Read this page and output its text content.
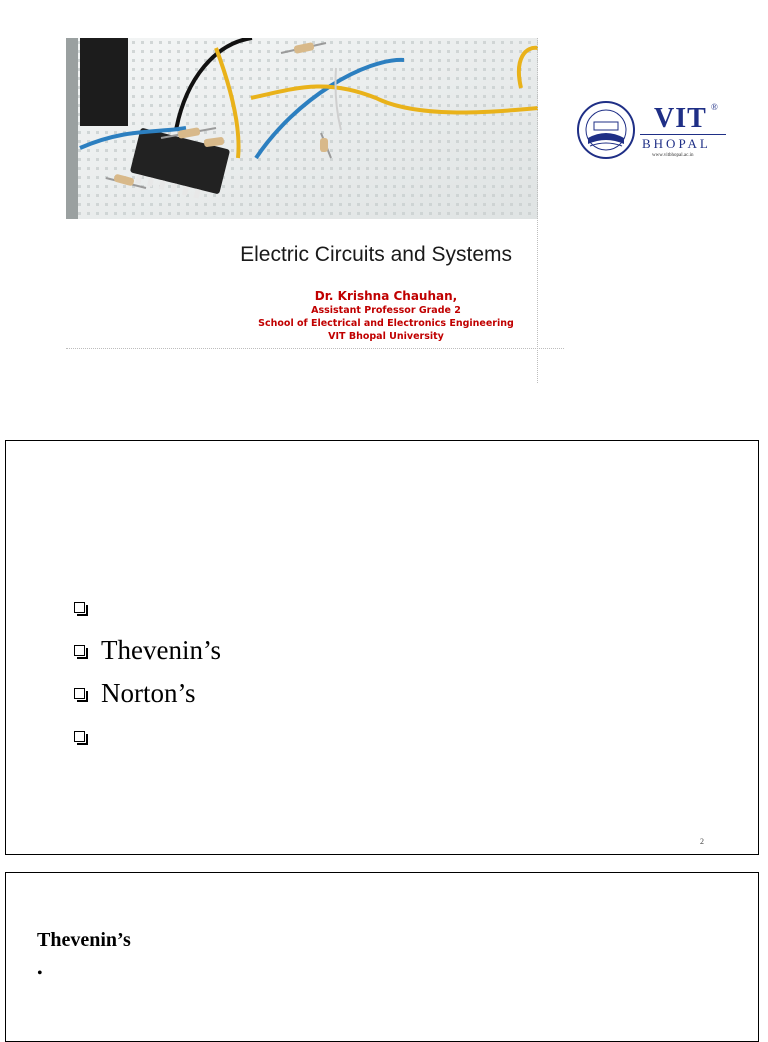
Electric Circuits and Systems
Dr. Krishna Chauhan,
Assistant Professor Grade 2
School of Electrical and Electronics Engineering
VIT Bhopal University
VIT ®
BHOPAL
www.vitbhopal.ac.in
Thevenin’s
Norton’s
2
Thevenin’s
•
